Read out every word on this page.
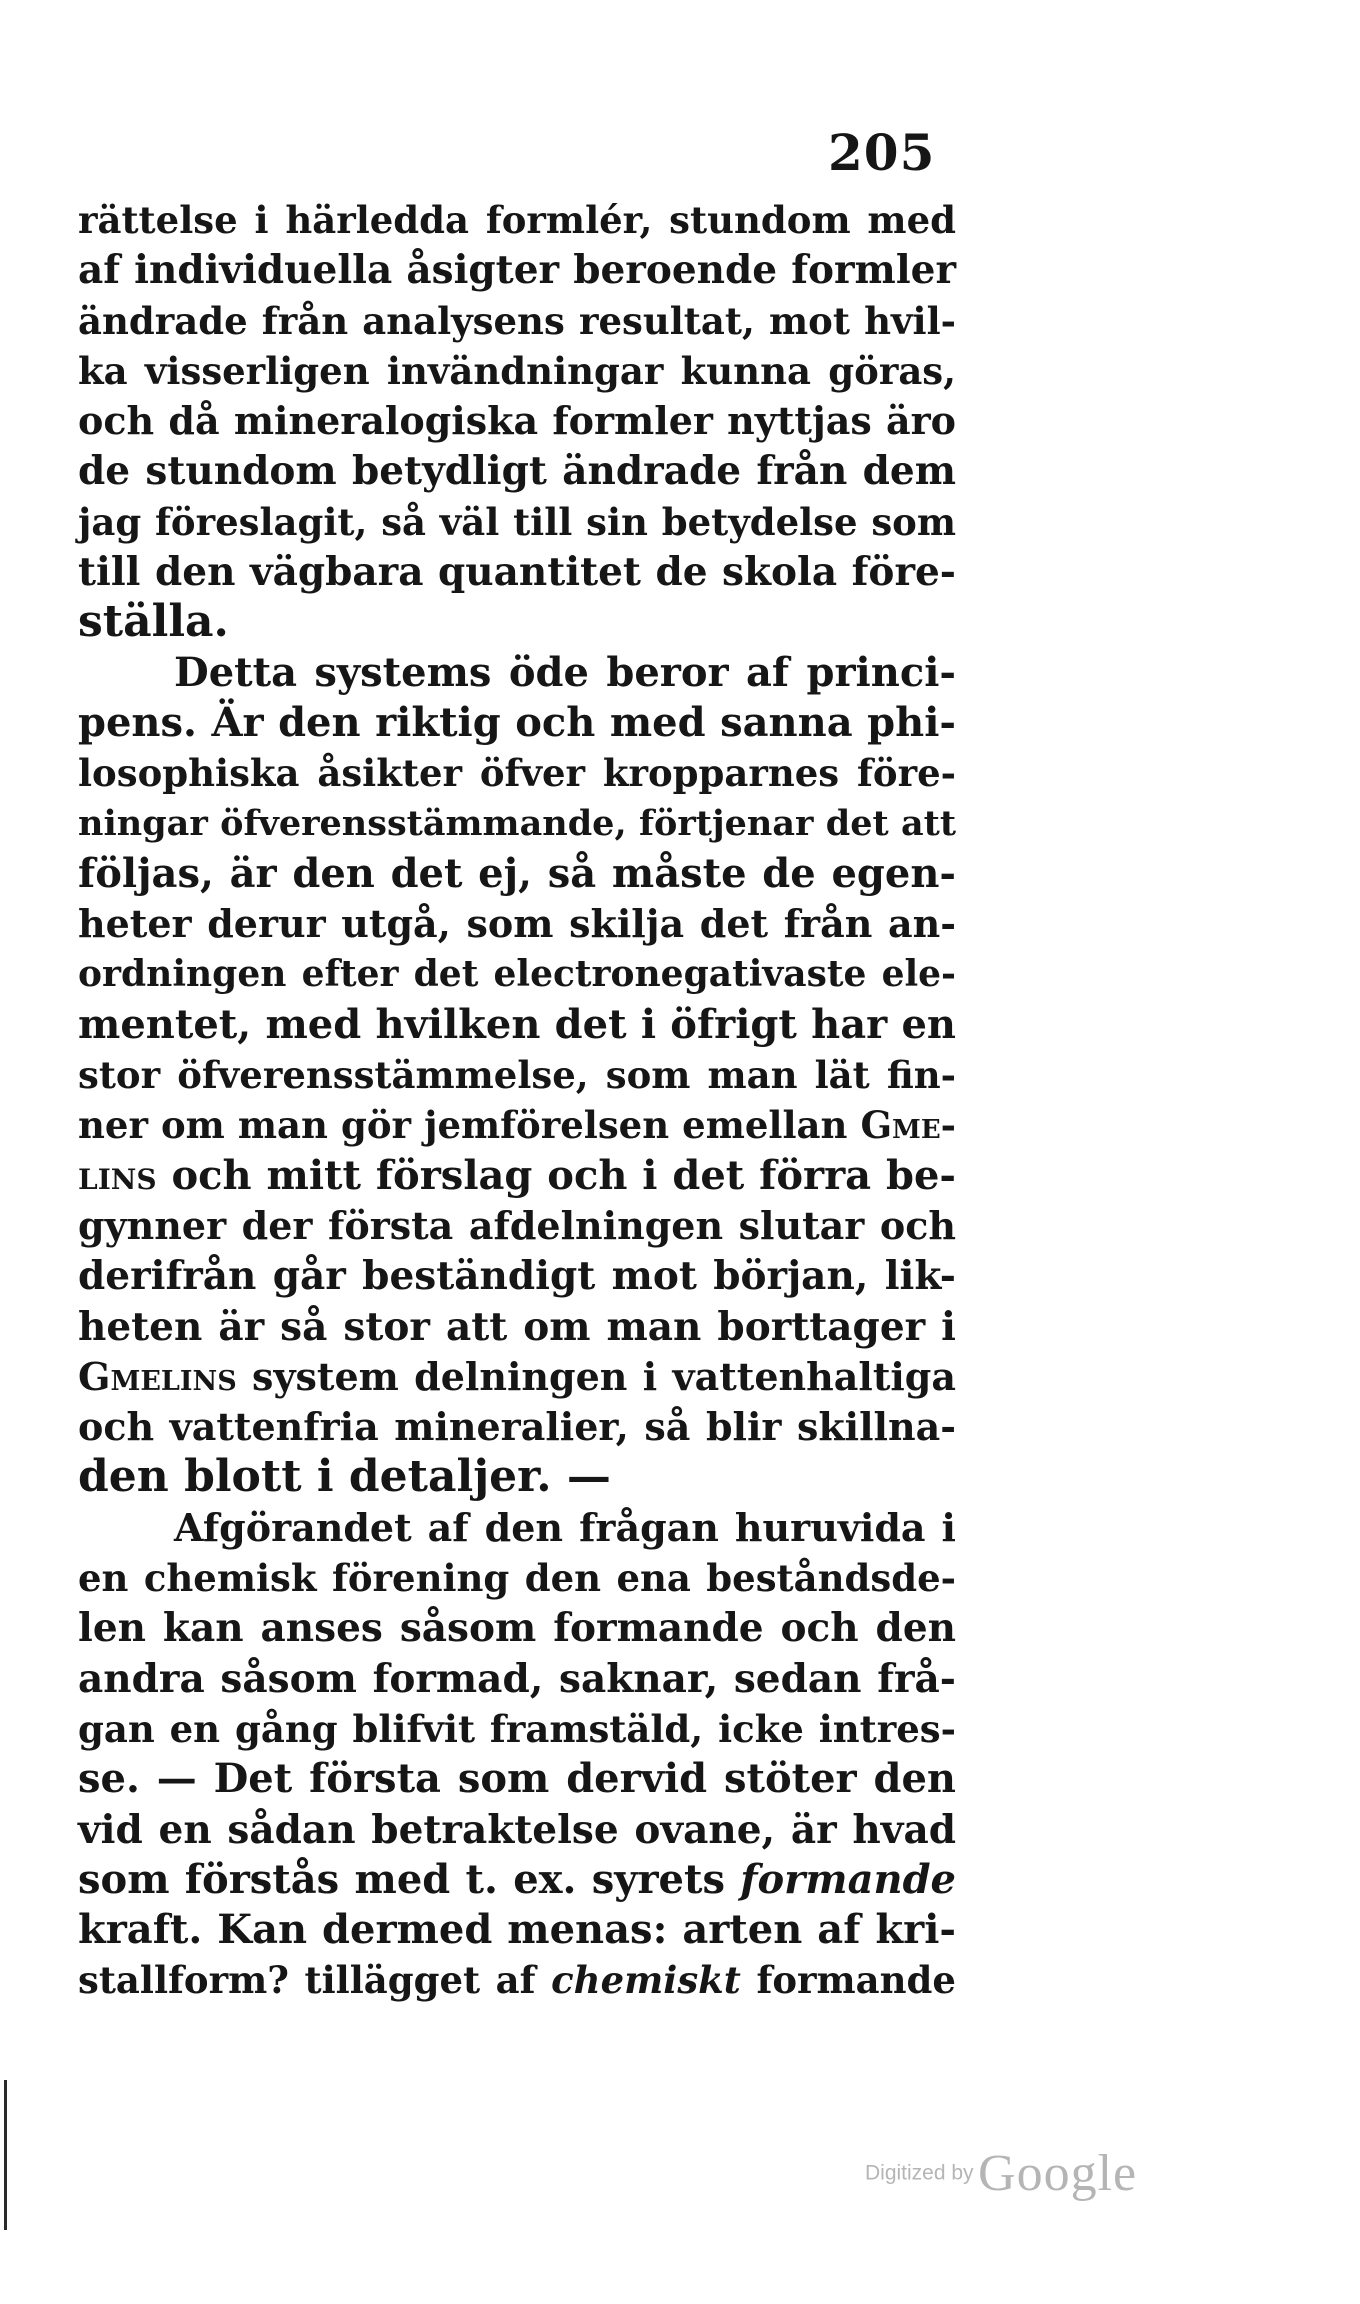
205
rättelse i härledda formlér, stundom med
af individuella åsigter beroende formler
ändrade från analysens resultat, mot hvil-
ka visserligen invändningar kunna göras,
och då mineralogiska formler nyttjas äro
de stundom betydligt ändrade från dem
jag föreslagit, så väl till sin betydelse som
till den vägbara quantitet de skola före-
ställa.
Detta systems öde beror af princi-
pens. Är den riktig och med sanna phi-
losophiska åsikter öfver kropparnes före-
ningar öfverensstämmande, förtjenar det att
följas, är den det ej, så måste de egen-
heter derur utgå, som skilja det från an-
ordningen efter det electronegativaste ele-
mentet, med hvilken det i öfrigt har en
stor öfverensstämmelse, som man lät fin-
ner om man gör jemförelsen emellan Gme-
lins och mitt förslag och i det förra be-
gynner der första afdelningen slutar och
derifrån går beständigt mot början, lik-
heten är så stor att om man borttager i
Gmelins system delningen i vattenhaltiga
och vattenfria mineralier, så blir skillna-
den blott i detaljer. —
Afgörandet af den frågan huruvida i
en chemisk förening den ena beståndsde-
len kan anses såsom formande och den
andra såsom formad, saknar, sedan frå-
gan en gång blifvit framstäld, icke intres-
se. — Det första som dervid stöter den
vid en sådan betraktelse ovane, är hvad
som förstås med t. ex. syrets formande
kraft. Kan dermed menas: arten af kri-
stallform? tillägget af chemiskt formande
Digitized by Google
